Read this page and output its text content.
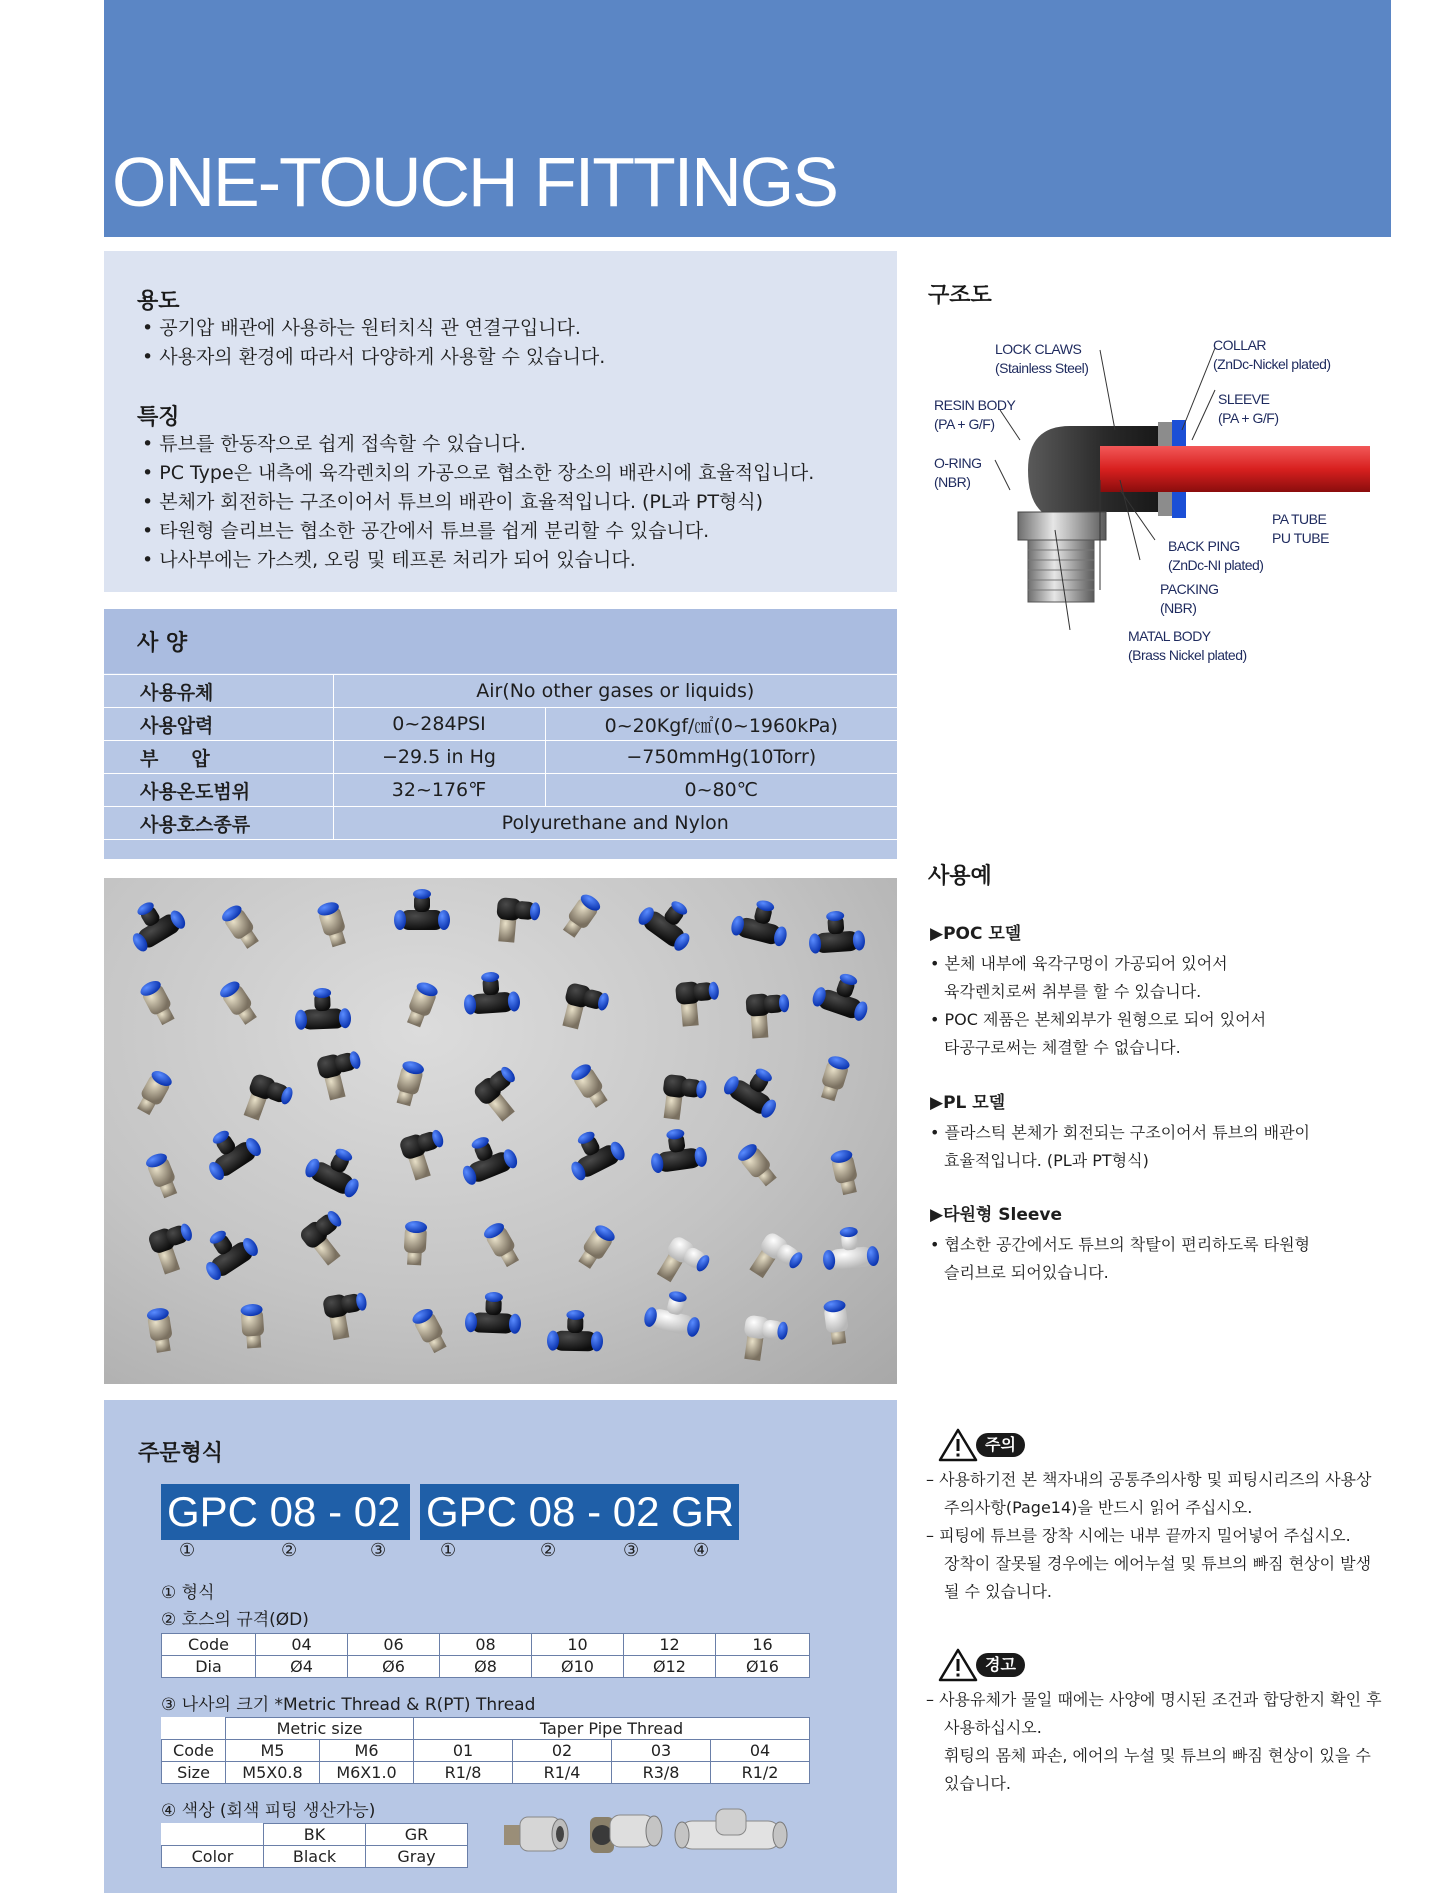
ONE-TOUCH FITTINGS
용도
• 공기압 배관에 사용하는 원터치식 관 연결구입니다.
• 사용자의 환경에 따라서 다양하게 사용할 수 있습니다.
특징
• 튜브를 한동작으로 쉽게 접속할 수 있습니다.
• PC Type은 내측에 육각렌치의 가공으로 협소한 장소의 배관시에 효율적입니다.
• 본체가 회전하는 구조이어서 튜브의 배관이 효율적입니다. (PL과 PT형식)
• 타원형 슬리브는 협소한 공간에서 튜브를 쉽게 분리할 수 있습니다.
• 나사부에는 가스켓, 오링 및 테프론 처리가 되어 있습니다.
사 양
사용유체	Air(No other gases or liquids)	
사용압력	0~284PSI	0~20Kgf/㎠(0~1960kPa)
부     압	−29.5 in Hg	−750mmHg(10Torr)
사용온도범위	32~176℉	0~80℃
사용호스종류	Polyurethane and Nylon	
주문형식
GPC 08 - 02 GPC 08 - 02 GR
①	②	③	①	②	③	④
① 형식
② 호스의 규격(ØD)
Code	04	06	08	10	12	16
Dia	Ø4	Ø6	Ø8	Ø10	Ø12	Ø16
③ 나사의 크기 *Metric Thread & R(PT) Thread
	Metric size		Taper Pipe Thread			
Code	M5	M6	01	02	03	04
Size	M5X0.8	M6X1.0	R1/8	R1/4	R3/8	R1/2
④ 색상 (회색 피팅 생산가능)
	BK	GR
Color	Black	Gray
구조도
LOCK CLAWS
(Stainless Steel)
COLLAR
(ZnDc-Nickel plated)
RESIN BODY
(PA + G/F)
SLEEVE
(PA + G/F)
O-RING
(NBR)
PA TUBE
PU TUBE
BACK PING
(ZnDc-NI plated)
PACKING
(NBR)
MATAL BODY
(Brass Nickel plated)
사용예
▶POC 모델
• 본체 내부에 육각구멍이 가공되어 있어서
육각렌치로써 취부를 할 수 있습니다.
• POC 제품은 본체외부가 원형으로 되어 있어서
타공구로써는 체결할 수 없습니다.
▶PL 모델
• 플라스틱 본체가 회전되는 구조이어서 튜브의 배관이
효율적입니다. (PL과 PT형식)
▶타원형 Sleeve
• 협소한 공간에서도 튜브의 착탈이 편리하도록 타원형
슬리브로 되어있습니다.
주의
– 사용하기전 본 책자내의 공통주의사항 및 피팅시리즈의 사용상
주의사항(Page14)을 반드시 읽어 주십시오.
– 피팅에 튜브를 장착 시에는 내부 끝까지 밀어넣어 주십시오.
장착이 잘못될 경우에는 에어누설 및 튜브의 빠짐 현상이 발생
될 수 있습니다.
경고
– 사용유체가 물일 때에는 사양에 명시된 조건과 합당한지 확인 후
사용하십시오.
휘팅의 몸체 파손, 에어의 누설 및 튜브의 빠짐 현상이 있을 수
있습니다.
